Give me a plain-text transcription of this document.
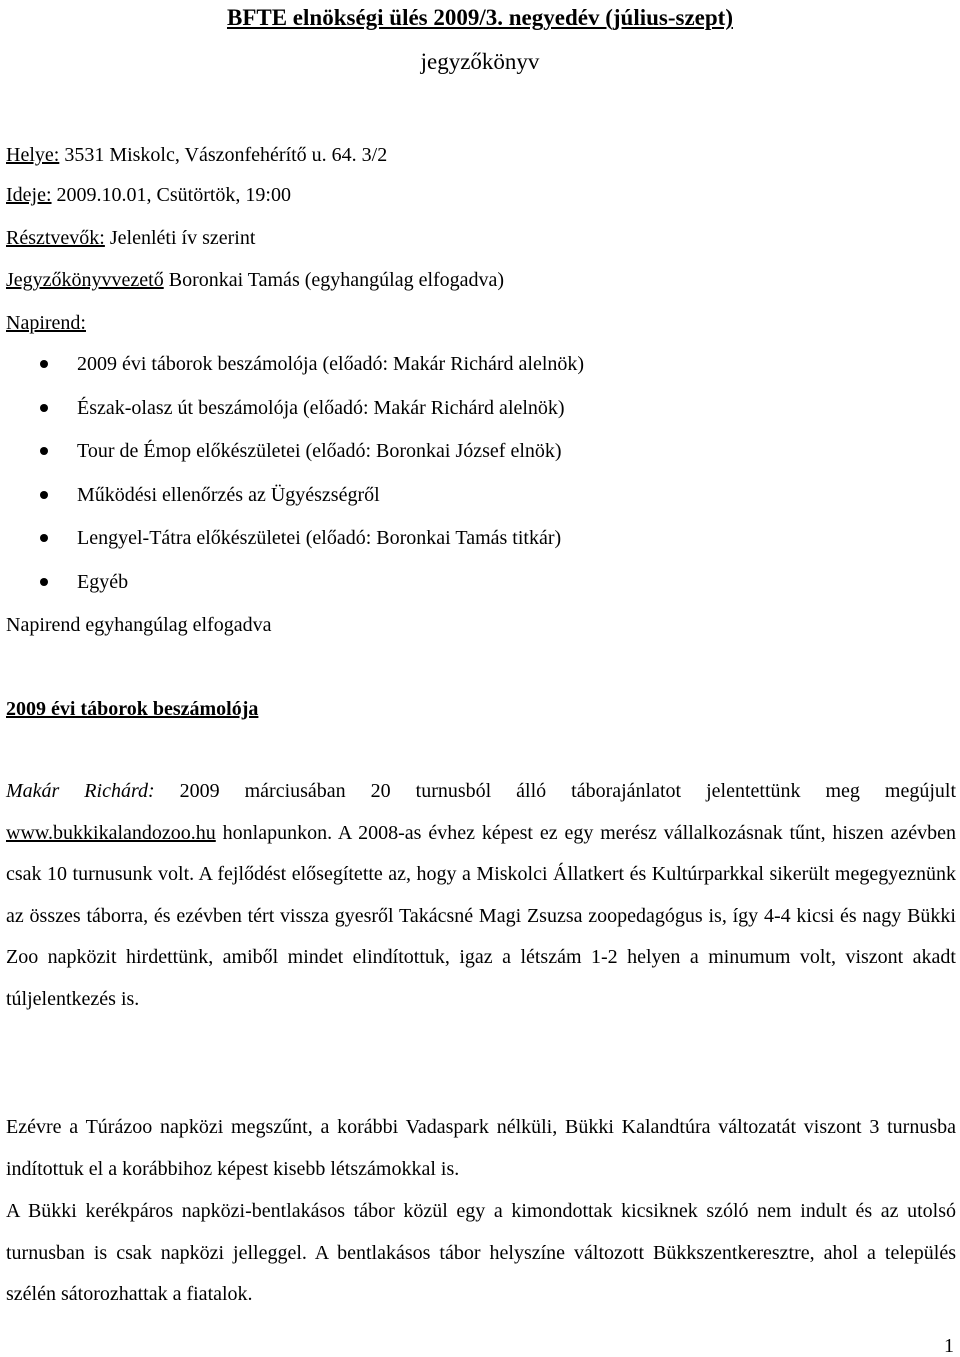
BFTE elnökségi ülés 2009/3. negyedév (július-szept)
jegyzőkönyv
Helye: 3531 Miskolc, Vászonfehérítő u. 64. 3/2
Ideje: 2009.10.01, Csütörtök, 19:00
Résztvevők: Jelenléti ív szerint
Jegyzőkönyvvezető Boronkai Tamás (egyhangúlag elfogadva)
Napirend:
2009 évi táborok beszámolója (előadó: Makár Richárd alelnök)
Észak-olasz út beszámolója (előadó: Makár Richárd alelnök)
Tour de Émop előkészületei (előadó: Boronkai József elnök)
Működési ellenőrzés az Ügyészségről
Lengyel-Tátra előkészületei (előadó: Boronkai Tamás titkár)
Egyéb
Napirend egyhangúlag elfogadva
2009 évi táborok beszámolója
Makár Richárd: 2009 márciusában 20 turnusból álló táborajánlatot jelentettünk meg megújult www.bukkikalandozoo.hu honlapunkon. A 2008-as évhez képest ez egy merész vállalkozásnak tűnt, hiszen azévben csak 10 turnusunk volt. A fejlődést elősegítette az, hogy a Miskolci Állatkert és Kultúrparkkal sikerült megegyeznünk az összes táborra, és ezévben tért vissza gyesről Takácsné Magi Zsuzsa zoopedagógus is, így 4-4 kicsi és nagy Bükki Zoo napközit hirdettünk, amiből mindet elindítottuk, igaz a létszám 1-2 helyen a minumum volt, viszont akadt túljelentkezés is.
Ezévre a Túrázoo napközi megszűnt, a korábbi Vadaspark nélküli, Bükki Kalandtúra változatát viszont 3 turnusba indítottuk el a korábbihoz képest kisebb létszámokkal is.
A Bükki kerékpáros napközi-bentlakásos tábor közül egy a kimondottak kicsiknek szóló nem indult és az utolsó turnusban is csak napközi jelleggel. A bentlakásos tábor helyszíne változott Bükkszentkeresztre, ahol a település szélén sátorozhattak a fiatalok.
1
